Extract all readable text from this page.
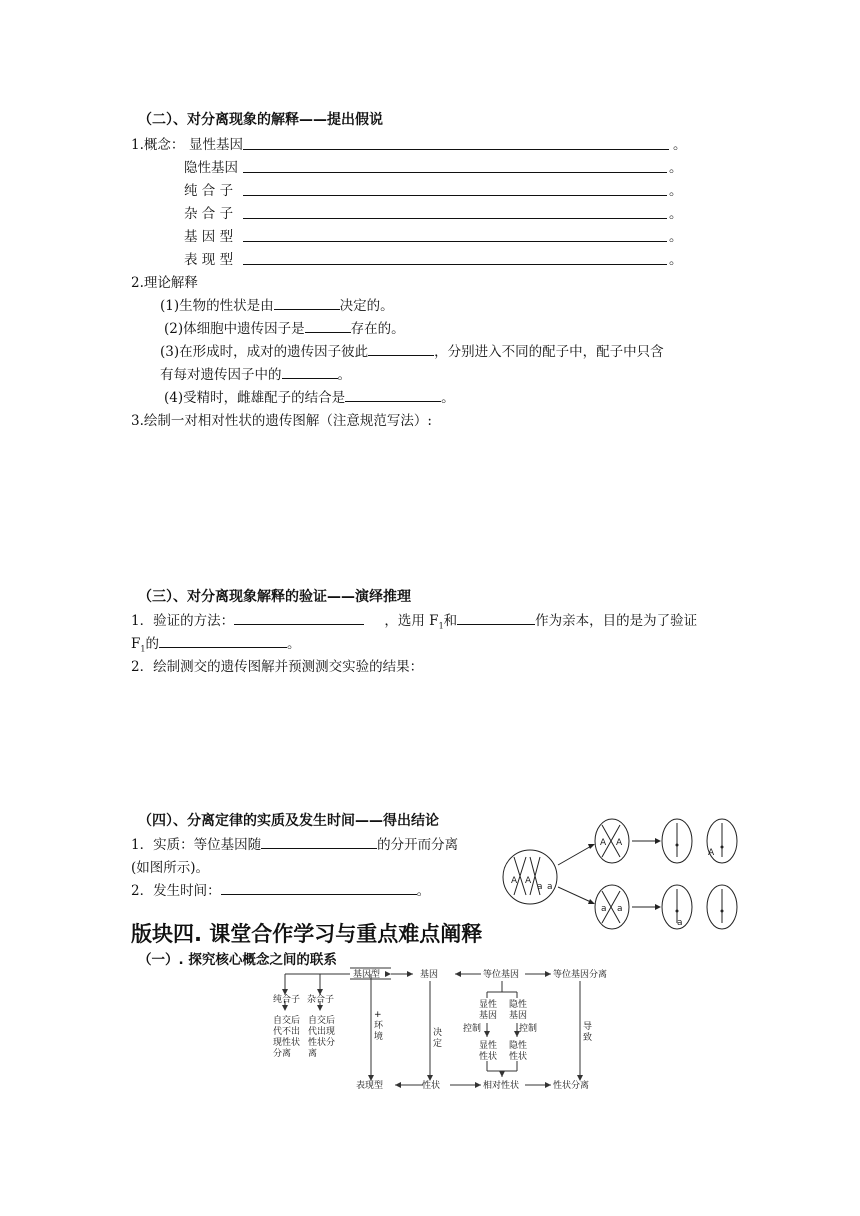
（二）、对分离现象的解释——提出假说
1.概念： 显性基因	。
隐性基因	。
纯 合 子	。
杂 合 子	。
基 因 型	。
表 现 型	。
2.理论解释
(1)生物的性状是由	决定的。
(2)体细胞中遗传因子是	存在的。
(3)在形成时，成对的遗传因子彼此	，分别进入不同的配子中，配子中只含
有每对遗传因子中的	。
(4)受精时，雌雄配子的结合是	。
3.绘制一对相对性状的遗传图解（注意规范写法）:
（三）、对分离现象解释的验证——演绎推理
1．验证的方法：	，选用 $F_1$和	作为亲本，目的是为了验证
$F_1$的	。
2．绘制测交的遗传图解并预测测交实验的结果：
（四）、分离定律的实质及发生时间——得出结论
1．实质：等位基因随	的分开而分离
(如图所示)。
2．发生时间：	。
A A
a a
A A
a a
A
a
版块四. 课堂合作学习与重点难点阐释
（一）. 探究核心概念之间的联系
基因型	基因	等位基因	等位基因分离
纯合子 杂合子
自交后
代不出
现性状
分离
自交后
代出现
性状分
离
+
环
境	决
定
导
致
显性
基因
隐性
基因
控制	控制
显性
性状
隐性
性状
表现型	性状	相对性状	性状分离
